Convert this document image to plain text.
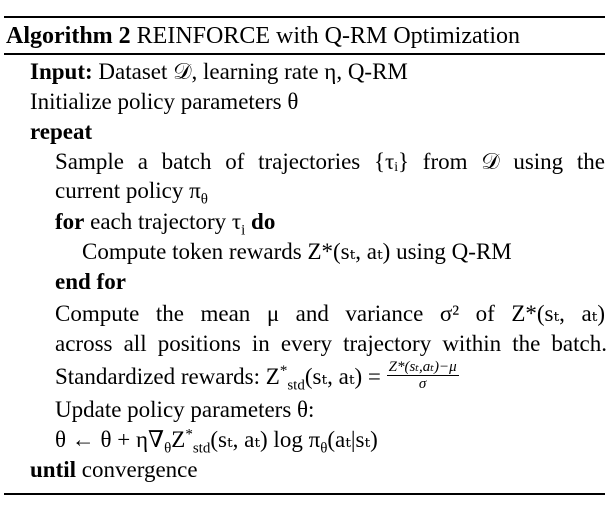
Algorithm 2 REINFORCE with Q-RM Optimization
Input: Dataset 𝒟, learning rate η, Q-RM
Initialize policy parameters θ
repeat
Sample a batch of trajectories {τᵢ} from 𝒟 using the
current policy $\pi_\theta$
for each trajectory $\tau_i$ do
Compute token rewards Z*(sₜ, aₜ) using Q-RM
end for
Compute the mean μ and variance σ² of Z*(sₜ, aₜ)
across all positions in every trajectory within the batch.
Standardized rewards: $Z^*_{std}(s_t$, $a_t) = \frac{\text{Z*(sₜ,aₜ)−μ}}{\sigma}$
Update policy parameters θ:
θ ← $\theta + \eta\nabla_\theta Z^*_{std}(s_t$, aₜ) $\log \pi_\theta(a_t|s_t)$
until convergence
